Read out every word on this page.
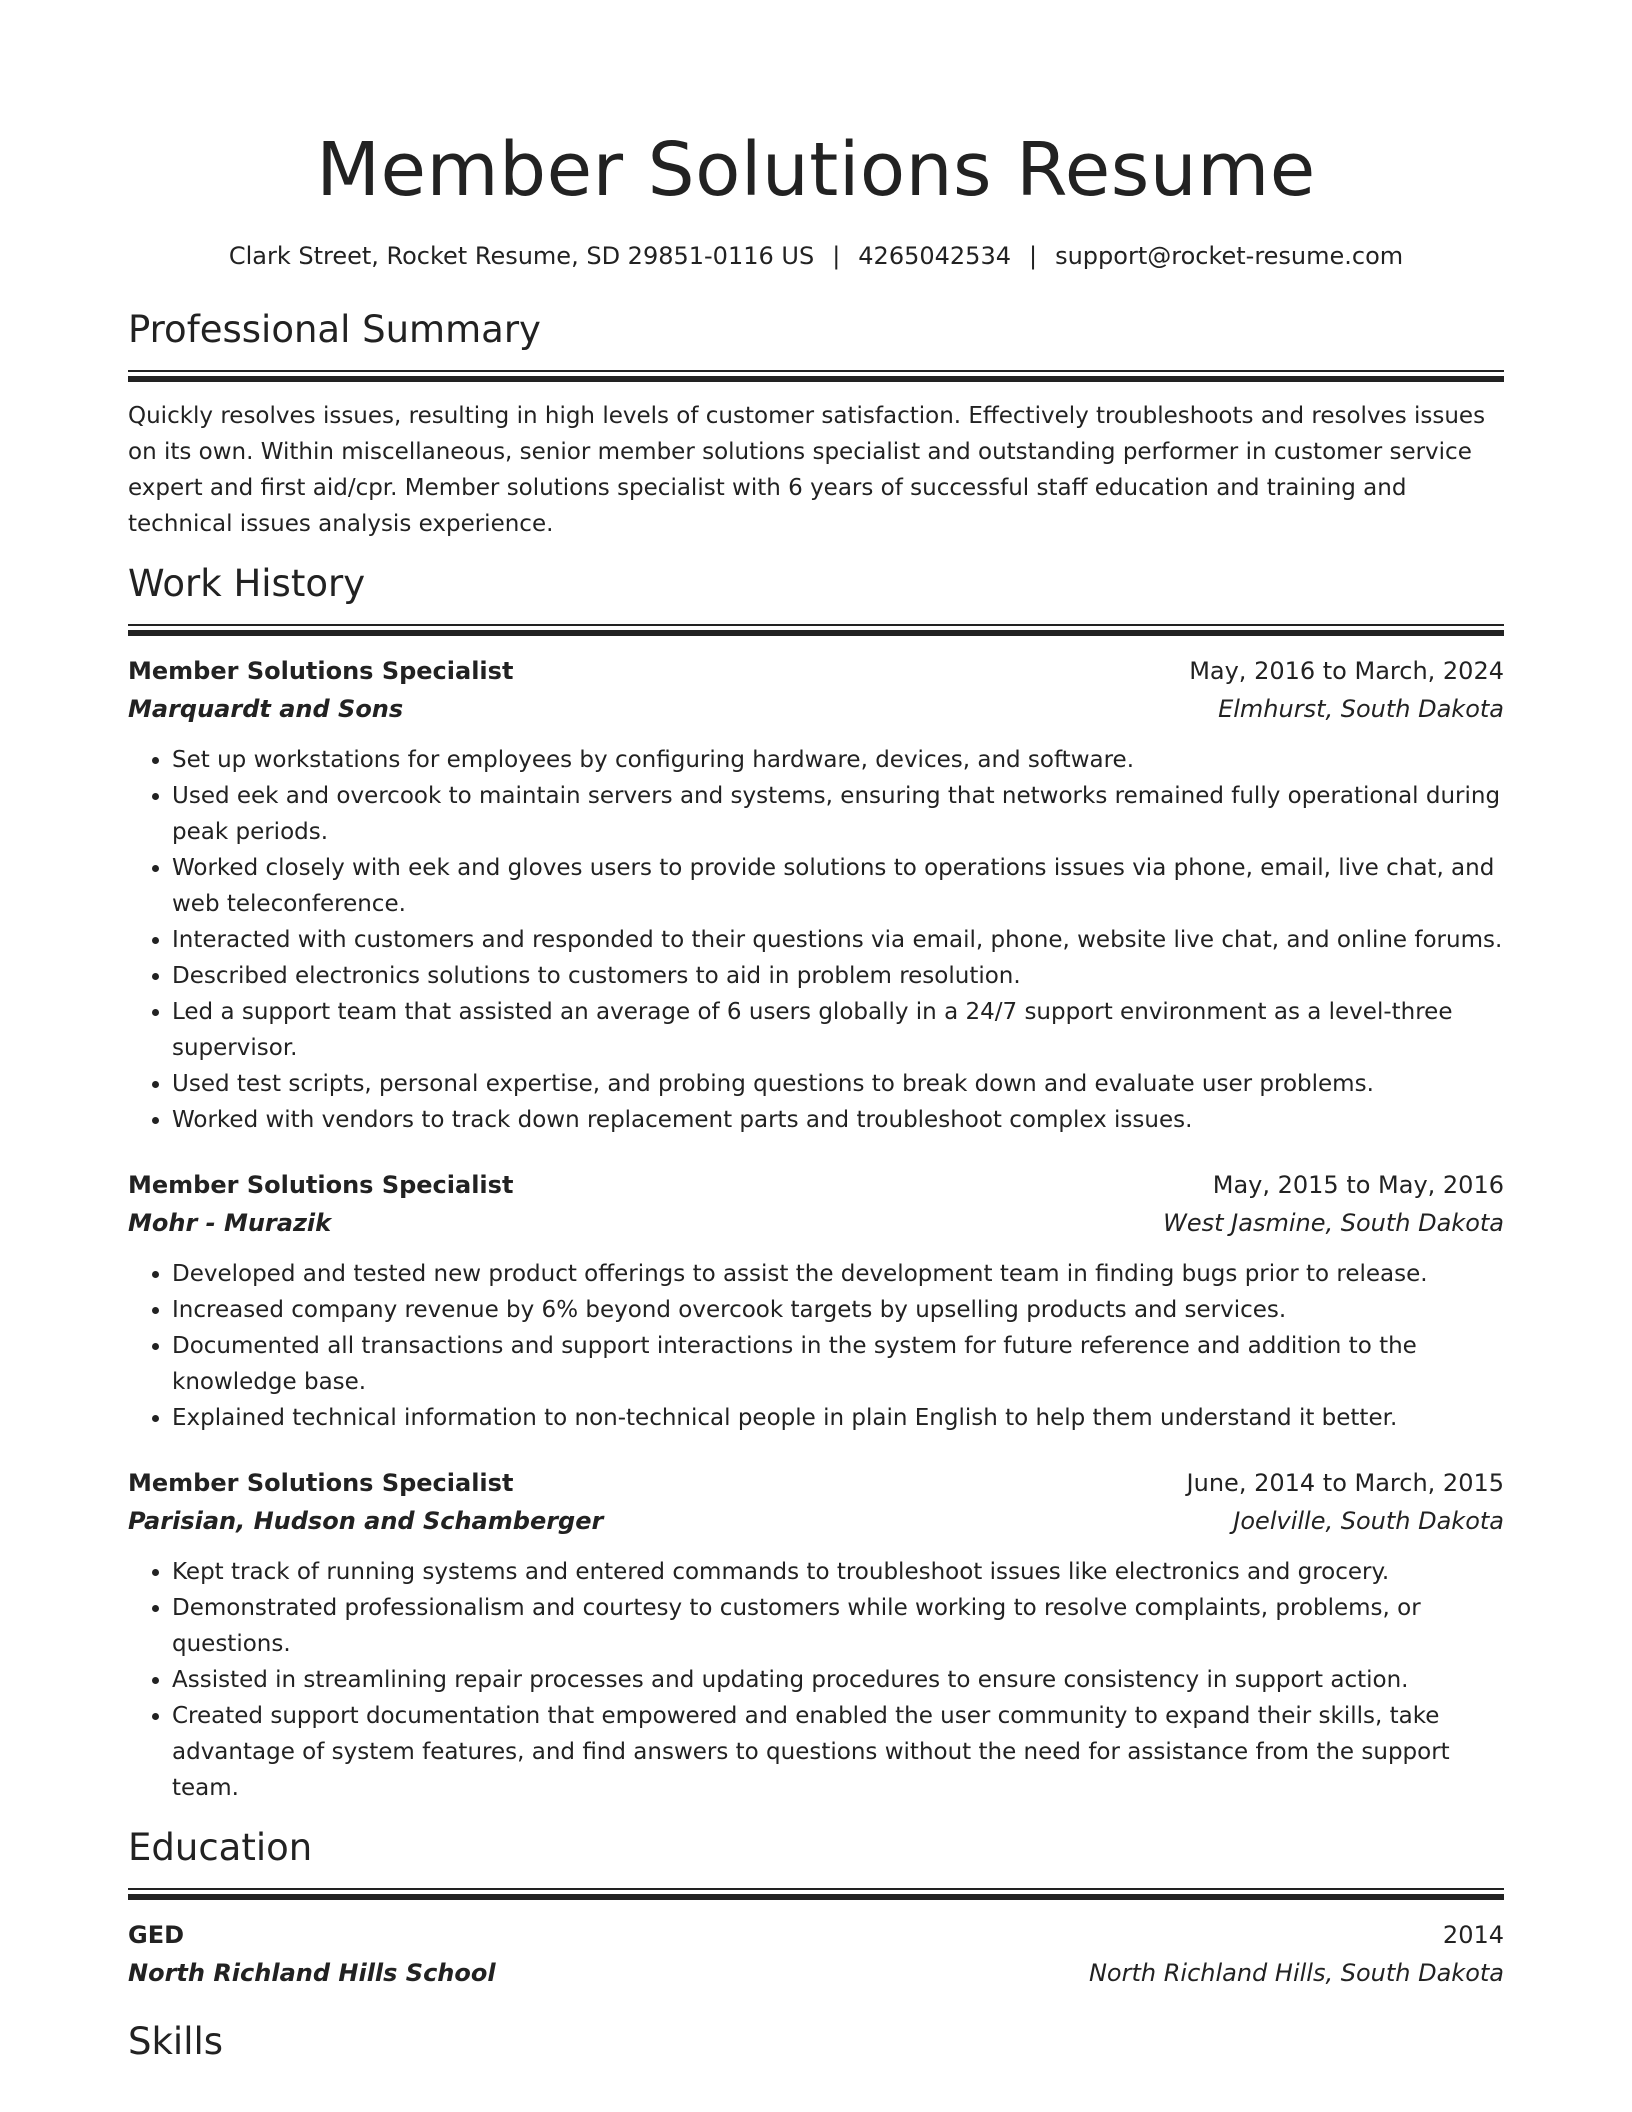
Member Solutions Resume
Clark Street, Rocket Resume, SD 29851-0116 US | 4265042534 | support@rocket-resume.com
Professional Summary
Quickly resolves issues, resulting in high levels of customer satisfaction. Effectively troubleshoots and resolves issues on its own. Within miscellaneous, senior member solutions specialist and outstanding performer in customer service expert and first aid/cpr. Member solutions specialist with 6 years of successful staff education and training and technical issues analysis experience.
Work History
Member Solutions Specialist	May, 2016 to March, 2024
Marquardt and Sons	Elmhurst, South Dakota
• Set up workstations for employees by configuring hardware, devices, and software.
• Used eek and overcook to maintain servers and systems, ensuring that networks remained fully operational during peak periods.
• Worked closely with eek and gloves users to provide solutions to operations issues via phone, email, live chat, and web teleconference.
• Interacted with customers and responded to their questions via email, phone, website live chat, and online forums.
• Described electronics solutions to customers to aid in problem resolution.
• Led a support team that assisted an average of 6 users globally in a 24/7 support environment as a level-three supervisor.
• Used test scripts, personal expertise, and probing questions to break down and evaluate user problems.
• Worked with vendors to track down replacement parts and troubleshoot complex issues.
Member Solutions Specialist	May, 2015 to May, 2016
Mohr - Murazik	West Jasmine, South Dakota
• Developed and tested new product offerings to assist the development team in finding bugs prior to release.
• Increased company revenue by 6% beyond overcook targets by upselling products and services.
• Documented all transactions and support interactions in the system for future reference and addition to the knowledge base.
• Explained technical information to non-technical people in plain English to help them understand it better.
Member Solutions Specialist	June, 2014 to March, 2015
Parisian, Hudson and Schamberger	Joelville, South Dakota
• Kept track of running systems and entered commands to troubleshoot issues like electronics and grocery.
• Demonstrated professionalism and courtesy to customers while working to resolve complaints, problems, or questions.
• Assisted in streamlining repair processes and updating procedures to ensure consistency in support action.
• Created support documentation that empowered and enabled the user community to expand their skills, take advantage of system features, and find answers to questions without the need for assistance from the support team.
Education
GED	2014
North Richland Hills School	North Richland Hills, South Dakota
Skills
